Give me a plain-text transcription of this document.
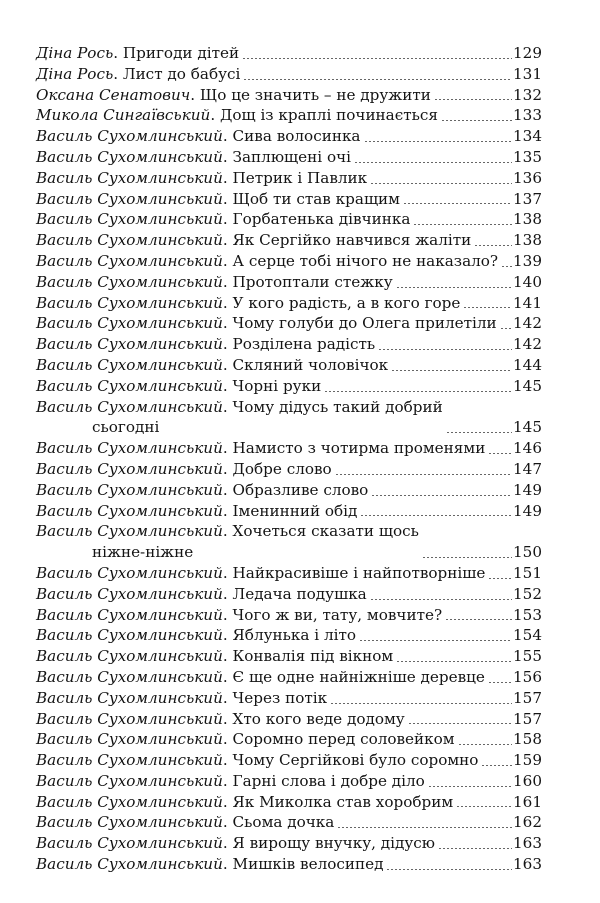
Діна Рось. Пригоди дітей	129
Діна Рось. Лист до бабусі	131
Оксана Сенатович. Що це значить – не дружити	132
Микола Сингаївський. Дощ із краплі починається	133
Василь Сухомлинський. Сива волосинка	134
Василь Сухомлинський. Заплющені очі	135
Василь Сухомлинський. Петрик і Павлик	136
Василь Сухомлинський. Щоб ти став кращим	137
Василь Сухомлинський. Горбатенька дівчинка	138
Василь Сухомлинський. Як Сергійко навчився жаліти	138
Василь Сухомлинський. А серце тобі нічого не наказало? 139
Василь Сухомлинський. Протоптали стежку	140
Василь Сухомлинський. У кого радість, а в кого горе	141
Василь Сухомлинський. Чому голуби до Олега прилетіли 142
Василь Сухомлинський. Розділена радість	142
Василь Сухомлинський. Скляний чоловічок	144
Василь Сухомлинський. Чорні руки	145
Василь Сухомлинський. Чому дідусь такий добрий
сьогодні	145
Василь Сухомлинський. Намисто з чотирма променями 146
Василь Сухомлинський. Добре слово	147
Василь Сухомлинський. Образливе слово	149
Василь Сухомлинський. Іменинний обід	149
Василь Сухомлинський. Хочеться сказати щось
ніжне-ніжне	150
Василь Сухомлинський. Найкрасивіше і найпотворніше 151
Василь Сухомлинський. Ледача подушка	152
Василь Сухомлинський. Чого ж ви, тату, мовчите?	153
Василь Сухомлинський. Яблунька і літо	154
Василь Сухомлинський. Конвалія під вікном	155
Василь Сухомлинський. Є ще одне найніжніше деревце 156
Василь Сухомлинський. Через потік	157
Василь Сухомлинський. Хто кого веде додому	157
Василь Сухомлинський. Соромно перед соловейком	158
Василь Сухомлинський. Чому Сергійкові було соромно 159
Василь Сухомлинський. Гарні слова і добре діло	160
Василь Сухомлинський. Як Миколка став хоробрим	161
Василь Сухомлинський. Сьома дочка	162
Василь Сухомлинський. Я вирощу внучку, дідусю	163
Василь Сухомлинський. Мишків велосипед	163
